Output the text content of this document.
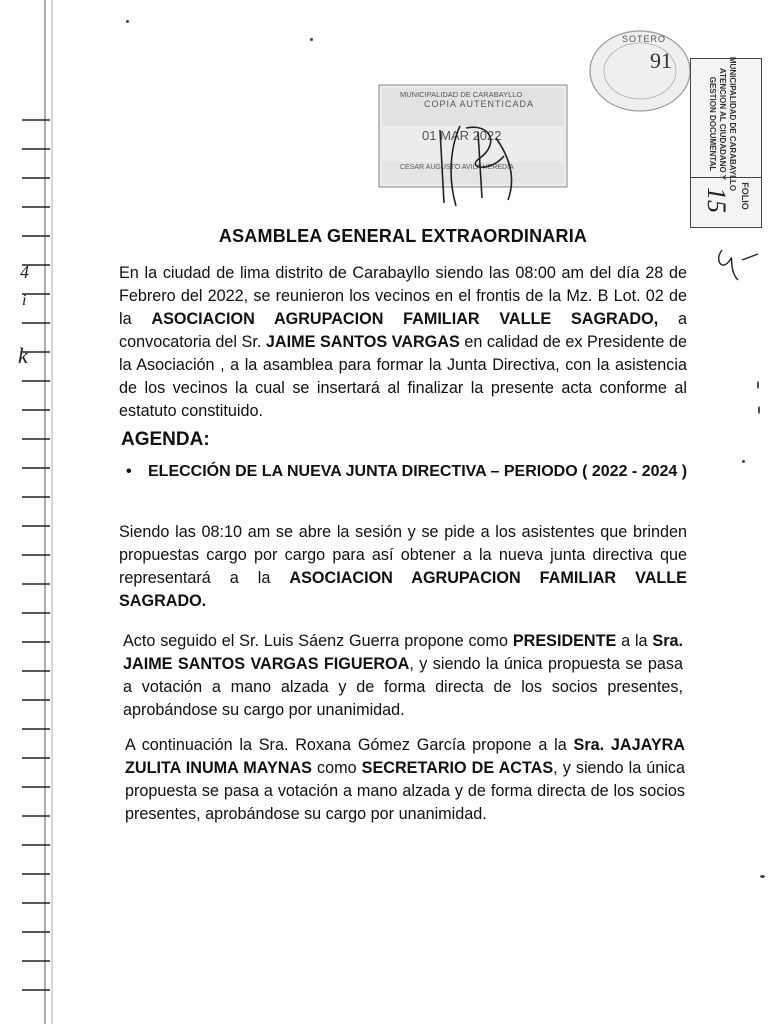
4
i
k
MUNICIPALIDAD DE CARABAYLLO
COPIA AUTENTICADA
01 MAR 2022
CESAR AUGUSTO AVILA HEREDIA
SOTERO
91	MUNICIPALIDAD DE CARABAYLLO
ATENCION AL CIUDADANO Y
GESTION DOCUMENTAL
FOLIO
15
ASAMBLEA GENERAL EXTRAORDINARIA

En la ciudad de lima distrito de Carabayllo siendo las 08:00 am del día 28 de Febrero del 2022, se reunieron los vecinos en el frontis de la Mz. B Lot. 02 de la ASOCIACION AGRUPACION FAMILIAR VALLE SAGRADO, a convocatoria del Sr. JAIME SANTOS VARGAS en calidad de ex Presidente de la Asociación , a la asamblea para formar la Junta Directiva, con la asistencia de los vecinos la cual se insertará al finalizar la presente acta conforme al estatuto constituido.

AGENDA:
• ELECCIÓN DE LA NUEVA JUNTA DIRECTIVA – PERIODO ( 2022 - 2024 )

Siendo las 08:10 am se abre la sesión y se pide a los asistentes que brinden propuestas cargo por cargo para así obtener a la nueva junta directiva que representará a la ASOCIACION AGRUPACION FAMILIAR VALLE SAGRADO.

Acto seguido el Sr. Luis Sáenz Guerra propone como PRESIDENTE a la Sra. JAIME SANTOS VARGAS FIGUEROA, y siendo la única propuesta se pasa a votación a mano alzada y de forma directa de los socios presentes, aprobándose su cargo por unanimidad.

A continuación la Sra. Roxana Gómez García propone a la Sra. JAJAYRA ZULITA INUMA MAYNAS como SECRETARIO DE ACTAS, y siendo la única propuesta se pasa a votación a mano alzada y de forma directa de los socios presentes, aprobándose su cargo por unanimidad.
